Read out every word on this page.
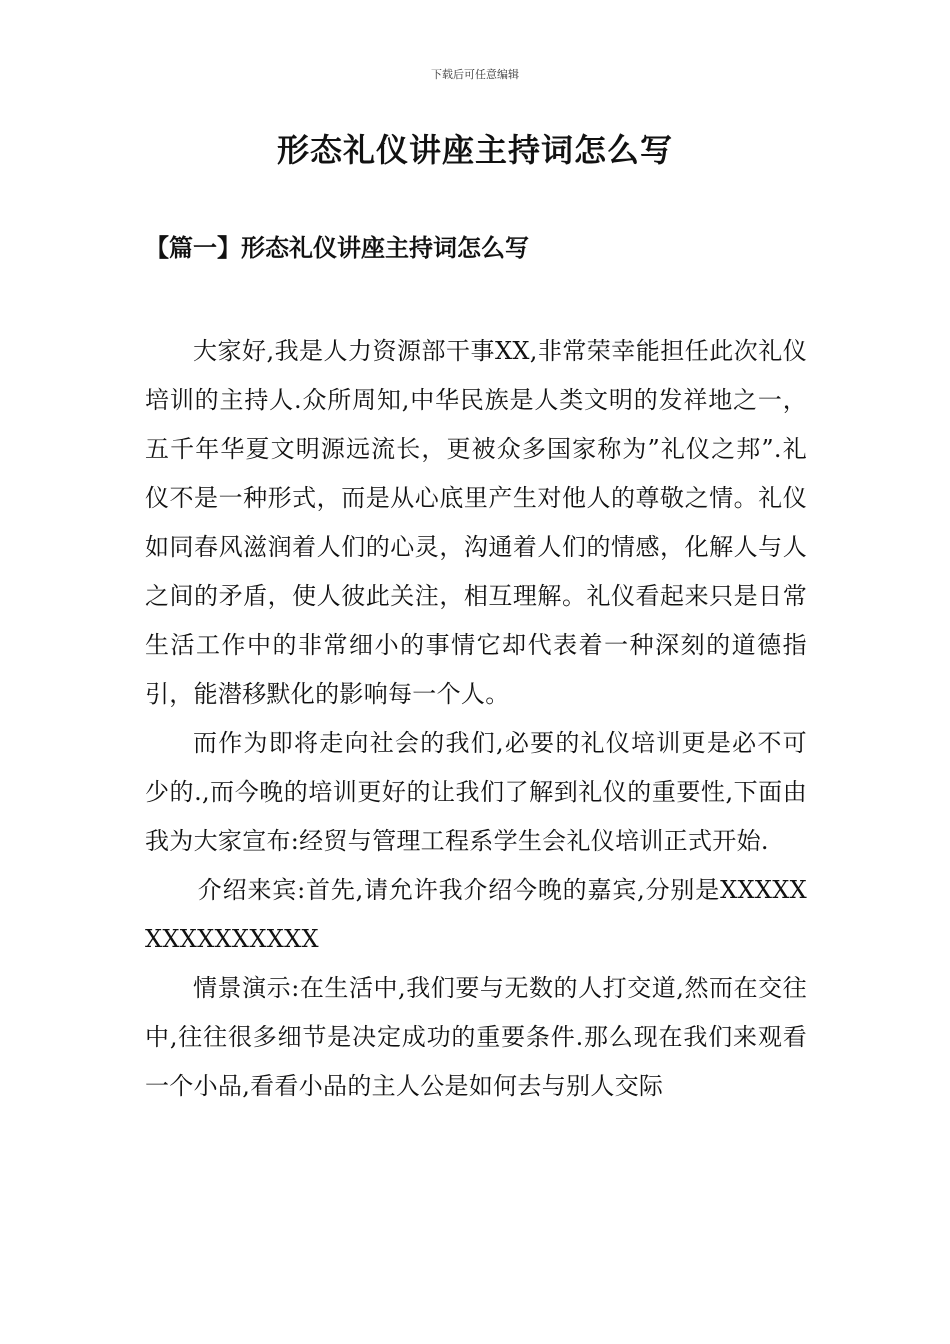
下载后可任意编辑
形态礼仪讲座主持词怎么写
【篇一】形态礼仪讲座主持词怎么写

大家好,我是人力资源部干事XX,非常荣幸能担任此次礼仪培训的主持人.众所周知,中华民族是人类文明的发祥地之一，五千年华夏文明源远流长，更被众多国家称为”礼仪之邦”.礼仪不是一种形式，而是从心底里产生对他人的尊敬之情。礼仪如同春风滋润着人们的心灵，沟通着人们的情感，化解人与人之间的矛盾，使人彼此关注，相互理解。礼仪看起来只是日常生活工作中的非常细小的事情它却代表着一种深刻的道德指引，能潜移默化的影响每一个人。

而作为即将走向社会的我们,必要的礼仪培训更是必不可少的.,而今晚的培训更好的让我们了解到礼仪的重要性,下面由我为大家宣布:经贸与管理工程系学生会礼仪培训正式开始.

介绍来宾:首先,请允许我介绍今晚的嘉宾,分别是XXXXXXXXXXXXXXX

情景演示:在生活中,我们要与无数的人打交道,然而在交往中,往往很多细节是决定成功的重要条件.那么现在我们来观看一个小品,看看小品的主人公是如何去与别人交际
